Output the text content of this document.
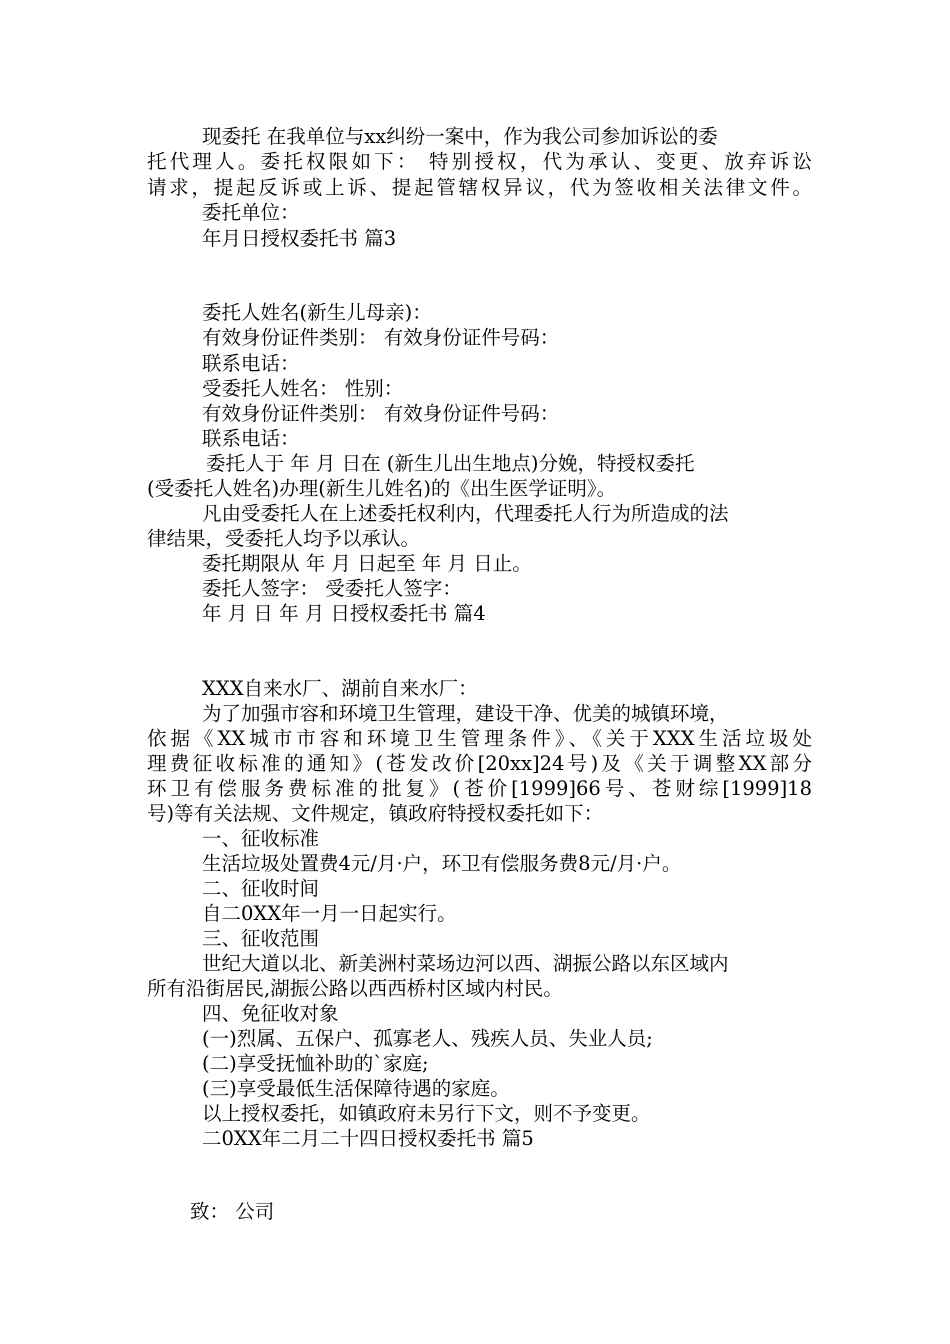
现委托 在我单位与xx纠纷一案中，作为我公司参加诉讼的委
托代理人。委托权限如下： 特别授权，代为承认、变更、放弃诉讼
请求，提起反诉或上诉、提起管辖权异议，代为签收相关法律文件。
委托单位：
年月日授权委托书 篇3
委托人姓名(新生儿母亲)：
有效身份证件类别： 有效身份证件号码：
联系电话：
受委托人姓名： 性别：
有效身份证件类别： 有效身份证件号码：
联系电话：
委托人于 年 月 日在 (新生儿出生地点)分娩，特授权委托
(受委托人姓名)办理(新生儿姓名)的《出生医学证明》。
凡由受委托人在上述委托权利内，代理委托人行为所造成的法
律结果，受委托人均予以承认。
委托期限从 年 月 日起至 年 月 日止。
委托人签字： 受委托人签字：
年 月 日 年 月 日授权委托书 篇4
XXX自来水厂、湖前自来水厂：
为了加强市容和环境卫生管理，建设干净、优美的城镇环境，
依据《XX城市市容和环境卫生管理条件》、《关于XXX生活垃圾处
理费征收标准的通知》(苍发改价[20xx]24号)及《关于调整XX部分
环卫有偿服务费标准的批复》(苍价[1999]66号、苍财综[1999]18
号)等有关法规、文件规定，镇政府特授权委托如下：
一、征收标准
生活垃圾处置费4元/月·户，环卫有偿服务费8元/月·户。
二、征收时间
自二0XX年一月一日起实行。
三、征收范围
世纪大道以北、新美洲村菜场边河以西、湖振公路以东区域内
所有沿街居民,湖振公路以西西桥村区域内村民。
四、免征收对象
(一)烈属、五保户、孤寡老人、残疾人员、失业人员;
(二)享受抚恤补助的`家庭;
(三)享受最低生活保障待遇的家庭。
以上授权委托，如镇政府未另行下文，则不予变更。
二0XX年二月二十四日授权委托书 篇5
致： 公司
